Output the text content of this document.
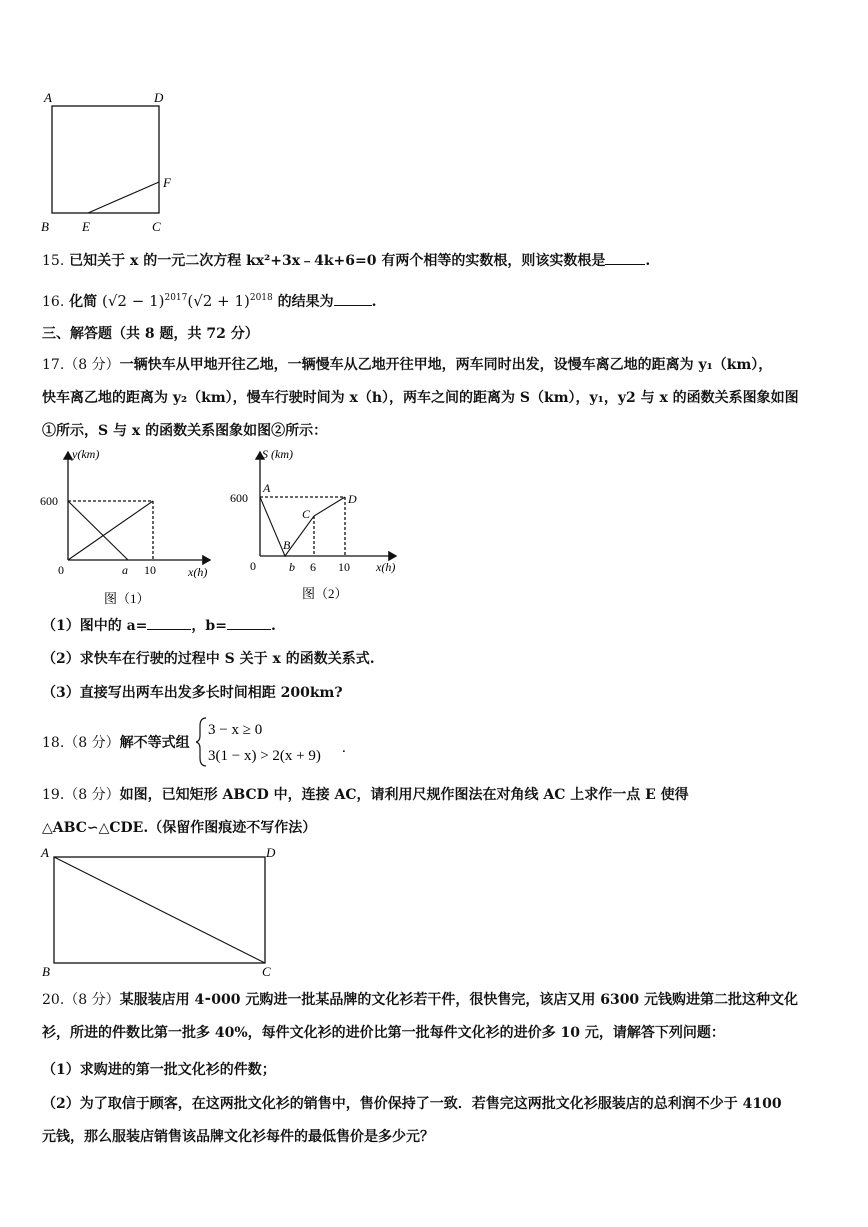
A	D
B	E	C
F
15. 已知关于 x 的一元二次方程 kx²+3x﹣4k+6=0 有两个相等的实数根，则该实数根是	.
16. 化简 $(√2 - 1)^{2017}(√2 + 1)^{2018}$ 的结果为	.
三、解答题（共 8 题，共 72 分）
17.（8 分）一辆快车从甲地开往乙地，一辆慢车从乙地开往甲地，两车同时出发，设慢车离乙地的距离为 y₁（km），
快车离乙地的距离为 y₂（km），慢车行驶时间为 x（h），两车之间的距离为 S（km），y₁，y2 与 x 的函数关系图象如图
①所示，S 与 x 的函数关系图象如图②所示：
y(km)
x(h)
600
0	a 10
图（1）
S (km)
x(h)
600
0	b 6 10
A
B
C
D
图（2）
（1）图中的 a=	，b=	.
（2）求快车在行驶的过程中 S 关于 x 的函数关系式.
（3）直接写出两车出发多长时间相距 200km?
18.（8 分）解不等式组
3 − x ≥ 0
3(1 − x) > 2(x + 9) .
19.（8 分）如图，已知矩形 ABCD 中，连接 AC，请利用尺规作图法在对角线 AC 上求作一点 E 使得
△ABC∽△CDE.（保留作图痕迹不写作法）
A	D
B	C
20.（8 分）某服装店用 4⁃000 元购进一批某品牌的文化衫若干件，很快售完，该店又用 6300 元钱购进第二批这种文化
衫，所进的件数比第一批多 40%，每件文化衫的进价比第一批每件文化衫的进价多 10 元，请解答下列问题：
（1）求购进的第一批文化衫的件数；
（2）为了取信于顾客，在这两批文化衫的销售中，售价保持了一致．若售完这两批文化衫服装店的总利润不少于 4100
元钱，那么服装店销售该品牌文化衫每件的最低售价是多少元？
